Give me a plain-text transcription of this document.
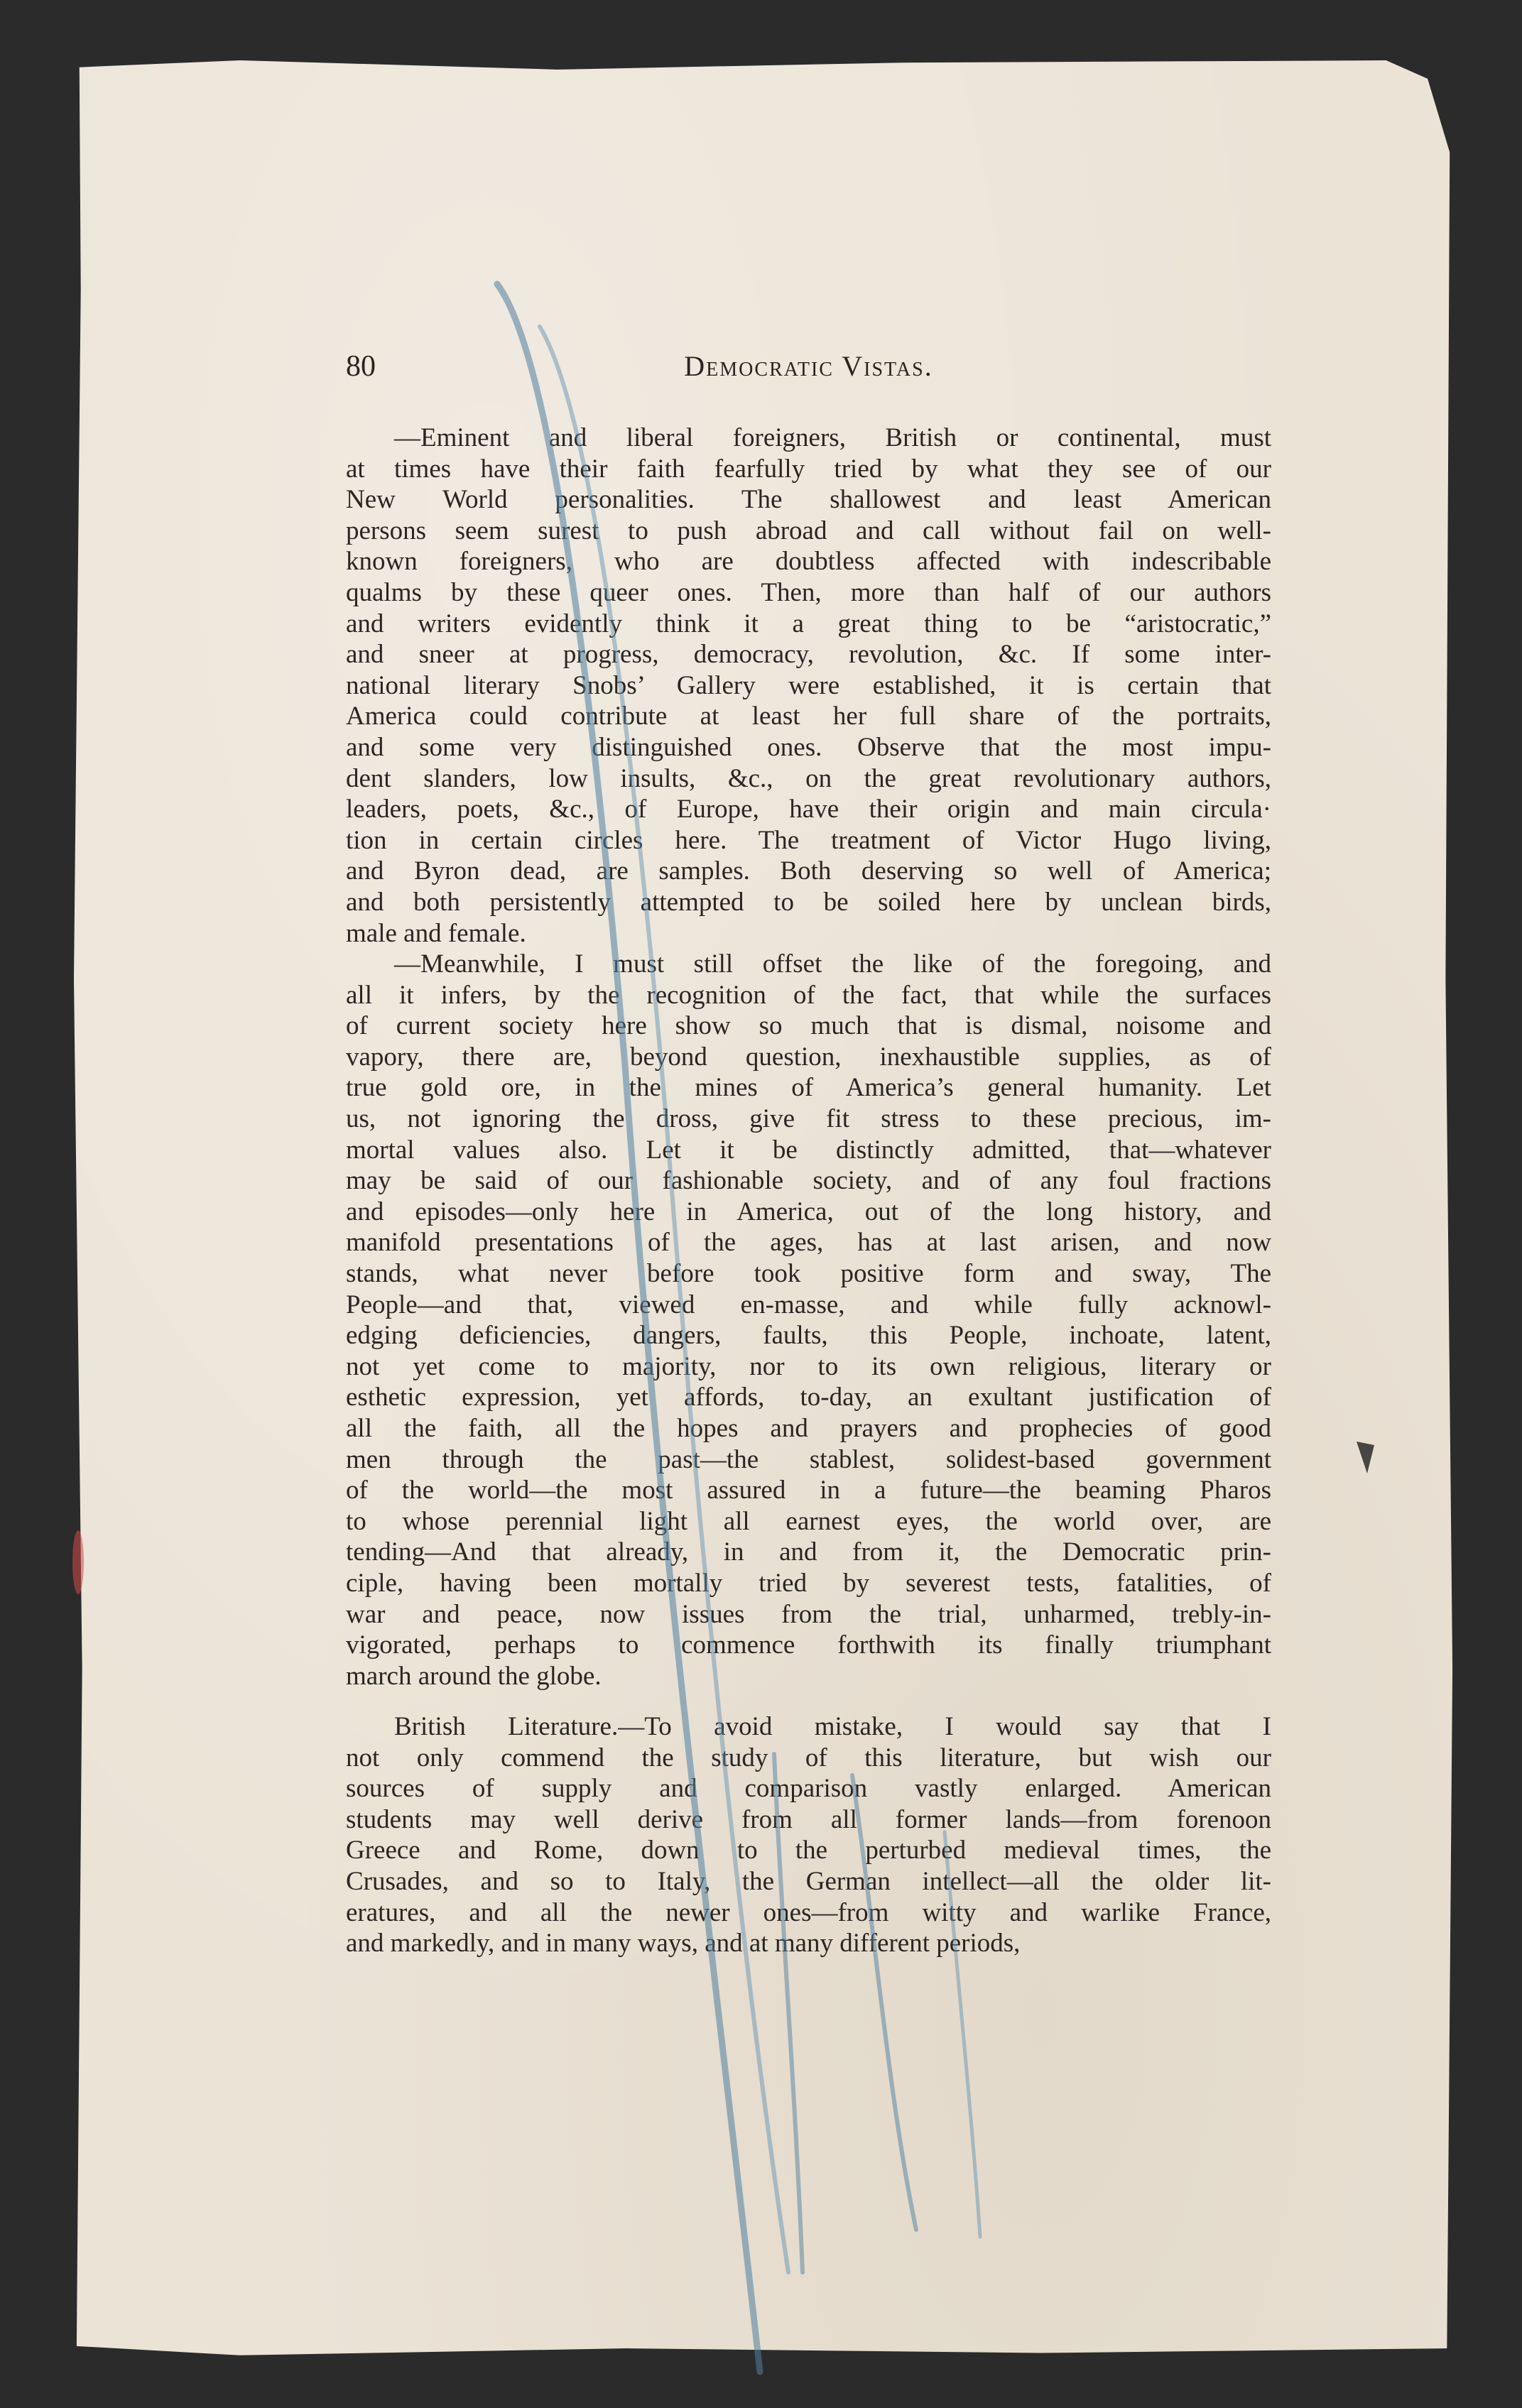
80	Democratic Vistas.
—Eminent and liberal foreigners, British or continental, must
at times have their faith fearfully tried by what they see of our
New World personalities. The shallowest and least American
persons seem surest to push abroad and call without fail on well-
known foreigners, who are doubtless affected with indescribable
qualms by these queer ones. Then, more than half of our authors
and writers evidently think it a great thing to be “aristocratic,”
and sneer at progress, democracy, revolution, &c. If some inter-
national literary Snobs’ Gallery were established, it is certain that
America could contribute at least her full share of the portraits,
and some very distinguished ones. Observe that the most impu-
dent slanders, low insults, &c., on the great revolutionary authors,
leaders, poets, &c., of Europe, have their origin and main circula·
tion in certain circles here. The treatment of Victor Hugo living,
and Byron dead, are samples. Both deserving so well of America;
and both persistently attempted to be soiled here by unclean birds,
male and female.
—Meanwhile, I must still offset the like of the foregoing, and
all it infers, by the recognition of the fact, that while the surfaces
of current society here show so much that is dismal, noisome and
vapory, there are, beyond question, inexhaustible supplies, as of
true gold ore, in the mines of America’s general humanity. Let
us, not ignoring the dross, give fit stress to these precious, im-
mortal values also. Let it be distinctly admitted, that—whatever
may be said of our fashionable society, and of any foul fractions
and episodes—only here in America, out of the long history, and
manifold presentations of the ages, has at last arisen, and now
stands, what never before took positive form and sway, The
People—and that, viewed en-masse, and while fully acknowl-
edging deficiencies, dangers, faults, this People, inchoate, latent,
not yet come to majority, nor to its own religious, literary or
esthetic expression, yet affords, to-day, an exultant justification of
all the faith, all the hopes and prayers and prophecies of good
men through the past—the stablest, solidest-based government
of the world—the most assured in a future—the beaming Pharos
to whose perennial light all earnest eyes, the world over, are
tending—And that already, in and from it, the Democratic prin-
ciple, having been mortally tried by severest tests, fatalities, of
war and peace, now issues from the trial, unharmed, trebly-in-
vigorated, perhaps to commence forthwith its finally triumphant
march around the globe.
British Literature.—To avoid mistake, I would say that I
not only commend the study of this literature, but wish our
sources of supply and comparison vastly enlarged. American
students may well derive from all former lands—from forenoon
Greece and Rome, down to the perturbed medieval times, the
Crusades, and so to Italy, the German intellect—all the older lit-
eratures, and all the newer ones—from witty and warlike France,
and markedly, and in many ways, and at many different periods,
